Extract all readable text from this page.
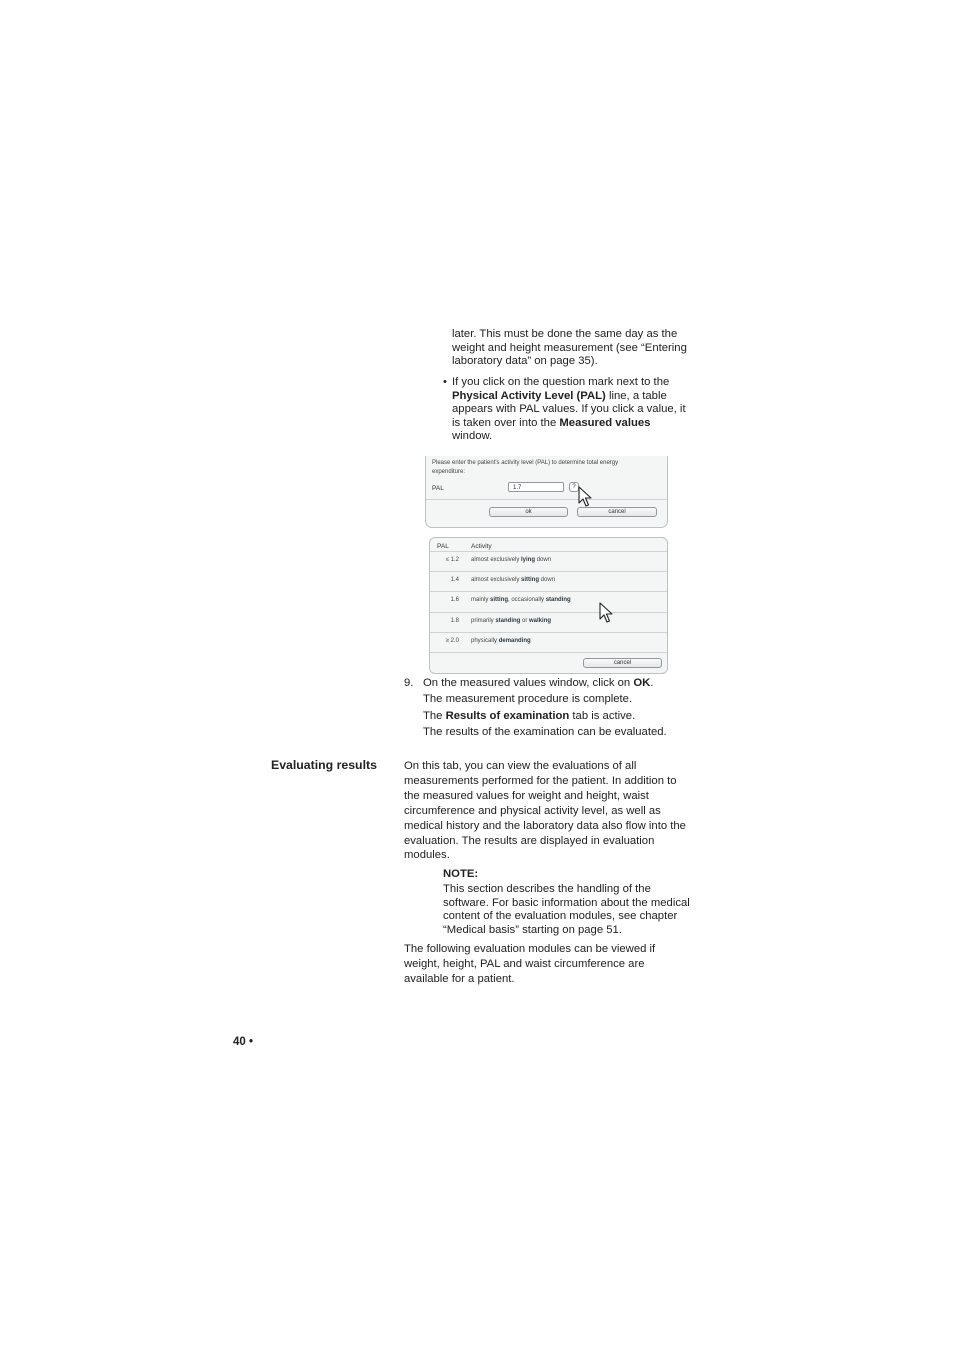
later. This must be done the same day as the weight and height measurement (see “Entering laboratory data” on page 35).

• If you click on the question mark next to the Physical Activity Level (PAL) line, a table appears with PAL values. If you click a value, it is taken over into the Measured values window.

Please enter the patient's activity level (PAL) to determine total energy expenditure:
PAL	1.7	?
ok	cancel
PAL	Activity
≤ 1.2 almost exclusively lying down
1.4 almost exclusively sitting down
1.6 mainly sitting, occasionally standing
1.8 primarily standing or walking
≥ 2.0 physically demanding
cancel

9. On the measured values window, click on OK.

The measurement procedure is complete.

The Results of examination tab is active.

The results of the examination can be evaluated.

Evaluating results On this tab, you can view the evaluations of all measurements performed for the patient. In addition to the measured values for weight and height, waist circumference and physical activity level, as well as medical history and the laboratory data also flow into the evaluation. The results are displayed in evaluation modules.

NOTE:

This section describes the handling of the software. For basic information about the medical content of the evaluation modules, see chapter “Medical basis” starting on page 51.

The following evaluation modules can be viewed if weight, height, PAL and waist circumference are available for a patient.

40 •
